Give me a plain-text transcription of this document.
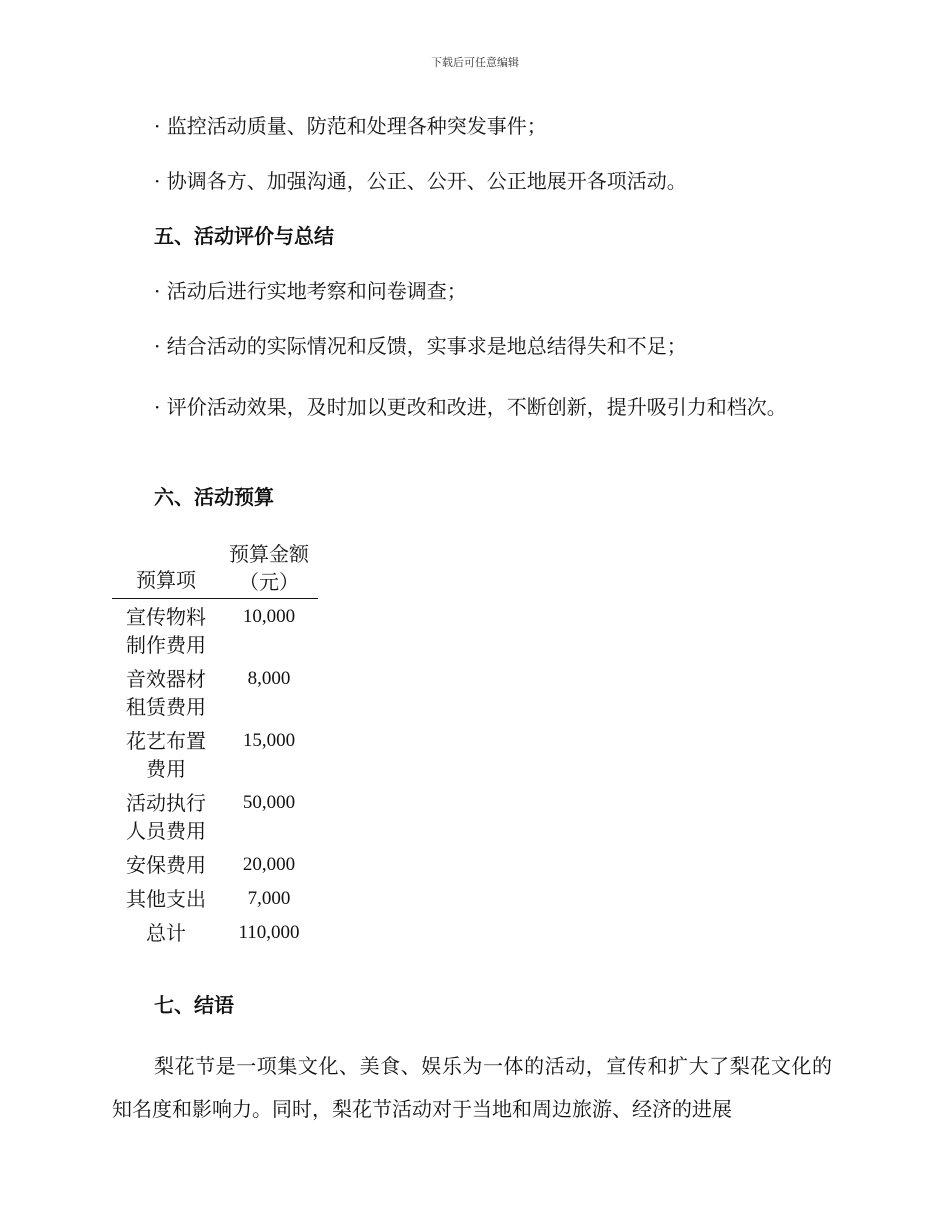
下载后可任意编辑
· 监控活动质量、防范和处理各种突发事件；
· 协调各方、加强沟通，公正、公开、公正地展开各项活动。
五、活动评价与总结
· 活动后进行实地考察和问卷调查；
· 结合活动的实际情况和反馈，实事求是地总结得失和不足；
· 评价活动效果，及时加以更改和改进，不断创新，提升吸引力和档次。
六、活动预算
预算项	预算金额（元）
宣传物料制作费用	10,000
音效器材租赁费用	8,000
花艺布置费用	15,000
活动执行人员费用	50,000
安保费用	20,000
其他支出	7,000
总计	110,000
七、结语
梨花节是一项集文化、美食、娱乐为一体的活动，宣传和扩大了梨花文化的知名度和影响力。同时，梨花节活动对于当地和周边旅游、经济的进展
